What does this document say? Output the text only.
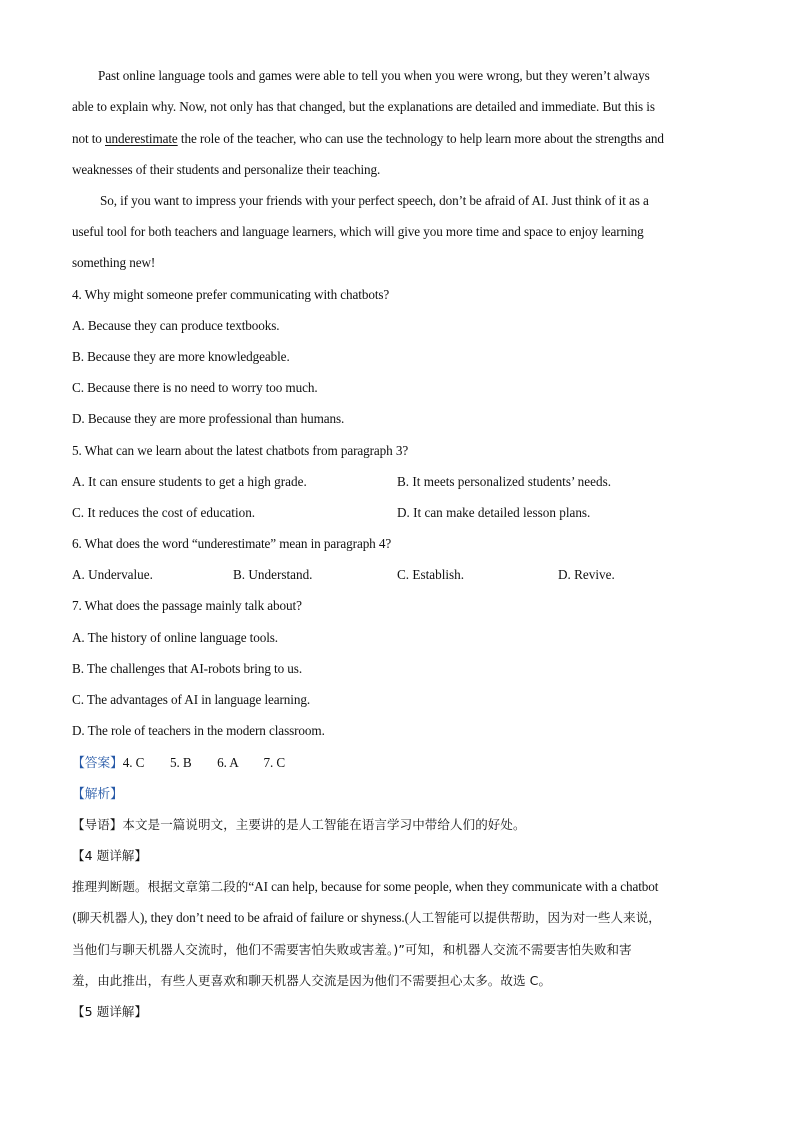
Past online language tools and games were able to tell you when you were wrong, but they weren’t always
able to explain why. Now, not only has that changed, but the explanations are detailed and immediate. But this is
not to underestimate the role of the teacher, who can use the technology to help learn more about the strengths and
weaknesses of their students and personalize their teaching.
So, if you want to impress your friends with your perfect speech, don’t be afraid of AI. Just think of it as a
useful tool for both teachers and language learners, which will give you more time and space to enjoy learning
something new!
4. Why might someone prefer communicating with chatbots?
A. Because they can produce textbooks.
B. Because they are more knowledgeable.
C. Because there is no need to worry too much.
D. Because they are more professional than humans.
5. What can we learn about the latest chatbots from paragraph 3?
A. It can ensure students to get a high grade.	B. It meets personalized students’ needs.
C. It reduces the cost of education.	D. It can make detailed lesson plans.
6. What does the word “underestimate” mean in paragraph 4?
A. Undervalue.	B. Understand.	C. Establish.	D. Revive.
7. What does the passage mainly talk about?
A. The history of online language tools.
B. The challenges that AI-robots bring to us.
C. The advantages of AI in language learning.
D. The role of teachers in the modern classroom.
【答案】4. C        5. B        6. A        7. C
【解析】
【导语】本文是一篇说明文，主要讲的是人工智能在语言学习中带给人们的好处。
【4 题详解】
推理判断题。根据文章第二段的“AI can help, because for some people, when they communicate with a chatbot
(聊天机器人), they don’t need to be afraid of failure or shyness.(人工智能可以提供帮助，因为对一些人来说，
当他们与聊天机器人交流时，他们不需要害怕失败或害羞。)”可知，和机器人交流不需要害怕失败和害
羞，由此推出，有些人更喜欢和聊天机器人交流是因为他们不需要担心太多。故选 C。
【5 题详解】
